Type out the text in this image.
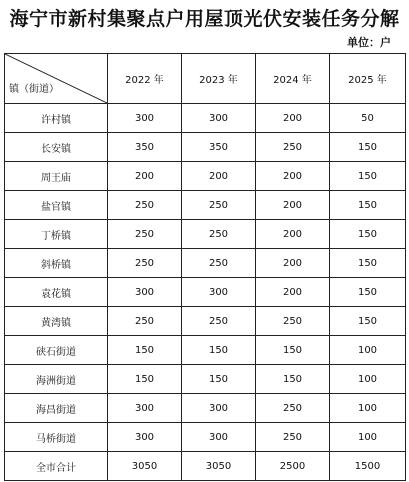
海宁市新村集聚点户用屋顶光伏安装任务分解
单位：户
镇（街道）	2022 年	2023 年	2024 年	2025 年
许村镇	300	300	200	50
长安镇	350	350	250	150
周王庙	200	200	200	150
盐官镇	250	250	200	150
丁桥镇	250	250	200	150
斜桥镇	250	250	200	150
袁花镇	300	300	200	150
黄湾镇	250	250	250	150
硖石街道	150	150	150	100
海洲街道	150	150	150	100
海昌街道	300	300	250	100
马桥街道	300	300	250	100
全市合计	3050	3050	2500	1500
